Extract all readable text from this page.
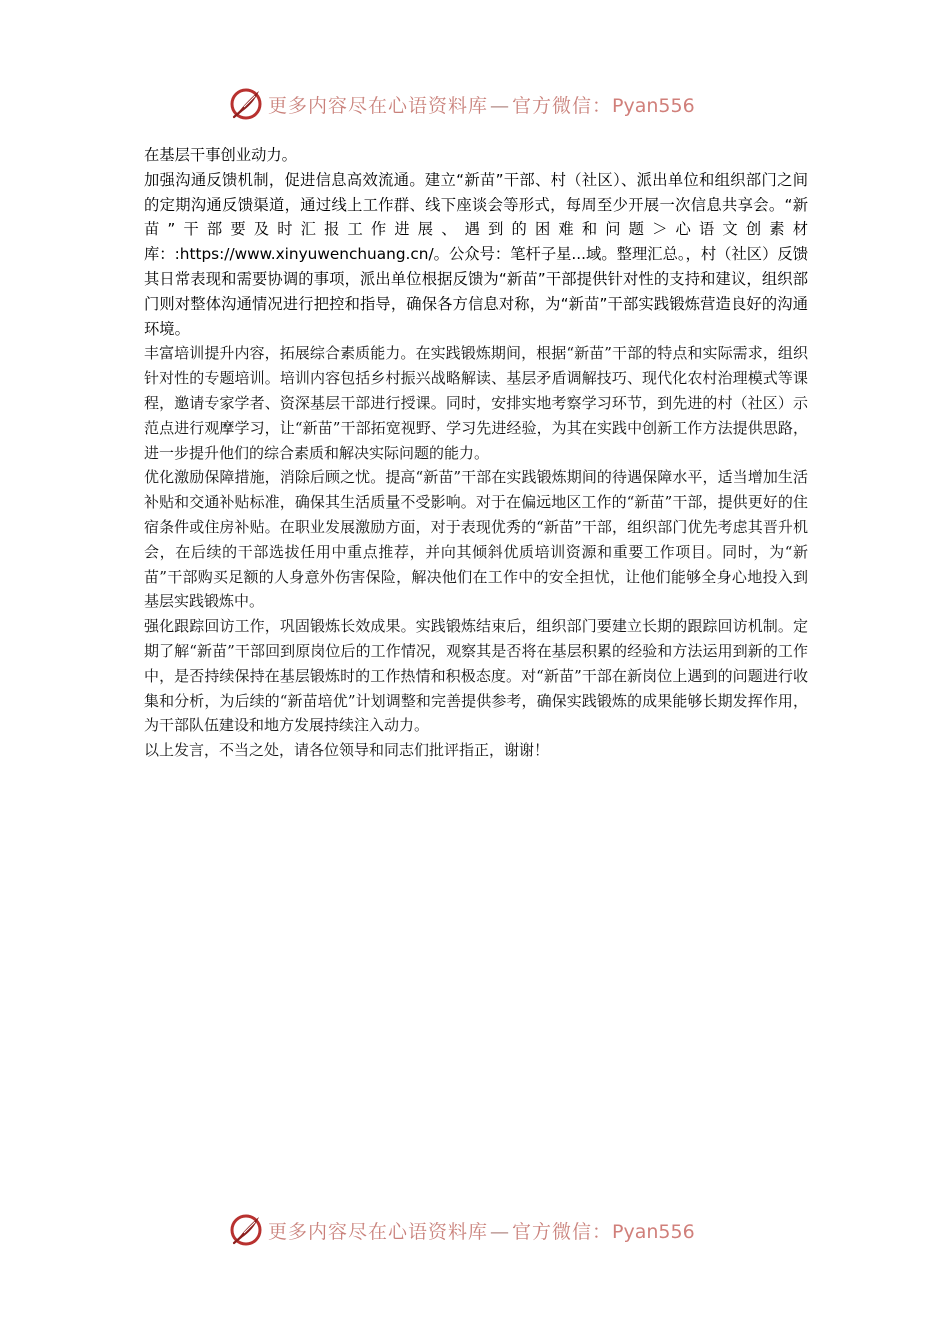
更多内容尽在心语资料库 — 官方微信：Pyan556

在基层干事创业动力。

加强沟通反馈机制，促进信息高效流通。建立“新苗”干部、村（社区）、派出单位和组织部门之间的定期沟通反馈渠道，通过线上工作群、线下座谈会等形式，每周至少开展一次信息共享会。“新苗”干部要及时汇报工作进展、遇到的困难和问题＞心语文创素材库：:https://www.xinyuwenchuang.cn/。公众号：笔杆子星...域。整理汇总。，村（社区）反馈其日常表现和需要协调的事项，派出单位根据反馈为“新苗”干部提供针对性的支持和建议，组织部门则对整体沟通情况进行把控和指导，确保各方信息对称，为“新苗”干部实践锻炼营造良好的沟通环境。

丰富培训提升内容，拓展综合素质能力。在实践锻炼期间，根据“新苗”干部的特点和实际需求，组织针对性的专题培训。培训内容包括乡村振兴战略解读、基层矛盾调解技巧、现代化农村治理模式等课程，邀请专家学者、资深基层干部进行授课。同时，安排实地考察学习环节，到先进的村（社区）示范点进行观摩学习，让“新苗”干部拓宽视野、学习先进经验，为其在实践中创新工作方法提供思路，进一步提升他们的综合素质和解决实际问题的能力。

优化激励保障措施，消除后顾之忧。提高“新苗”干部在实践锻炼期间的待遇保障水平，适当增加生活补贴和交通补贴标准，确保其生活质量不受影响。对于在偏远地区工作的“新苗”干部，提供更好的住宿条件或住房补贴。在职业发展激励方面，对于表现优秀的“新苗”干部，组织部门优先考虑其晋升机会，在后续的干部选拔任用中重点推荐，并向其倾斜优质培训资源和重要工作项目。同时，为“新苗”干部购买足额的人身意外伤害保险，解决他们在工作中的安全担忧，让他们能够全身心地投入到基层实践锻炼中。

强化跟踪回访工作，巩固锻炼长效成果。实践锻炼结束后，组织部门要建立长期的跟踪回访机制。定期了解“新苗”干部回到原岗位后的工作情况，观察其是否将在基层积累的经验和方法运用到新的工作中，是否持续保持在基层锻炼时的工作热情和积极态度。对“新苗”干部在新岗位上遇到的问题进行收集和分析，为后续的“新苗培优”计划调整和完善提供参考，确保实践锻炼的成果能够长期发挥作用，为干部队伍建设和地方发展持续注入动力。

以上发言，不当之处，请各位领导和同志们批评指正，谢谢！

更多内容尽在心语资料库 — 官方微信：Pyan556
